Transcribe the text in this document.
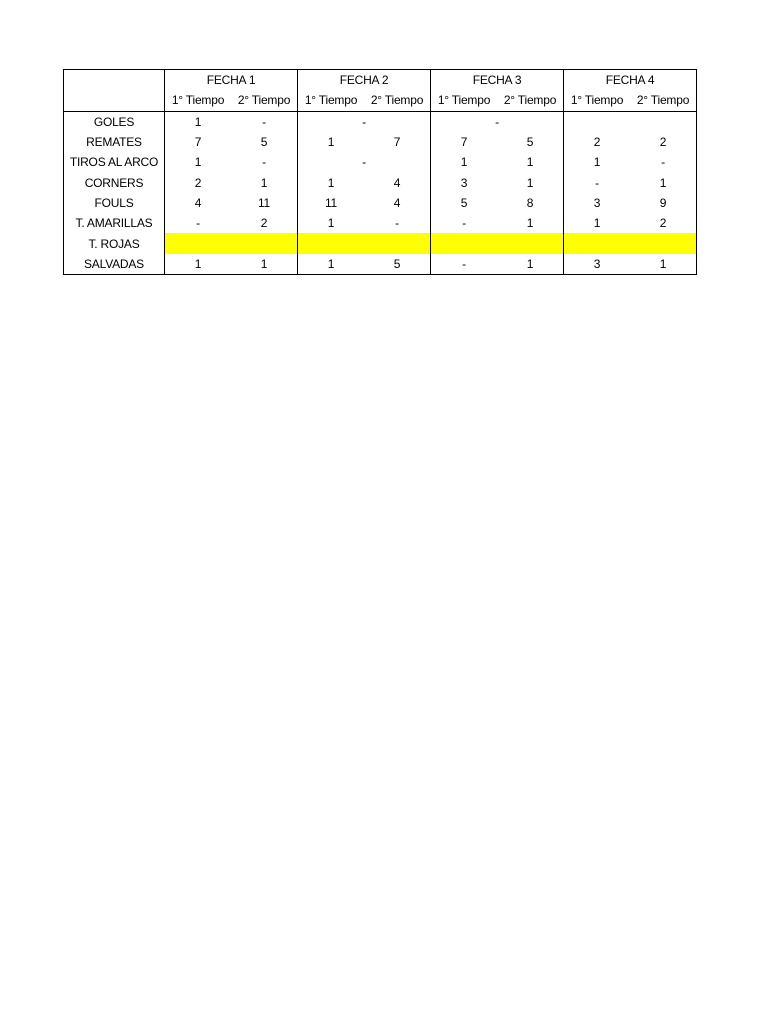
	FECHA 1		FECHA 2		FECHA 3		FECHA 4	
	1° Tiempo	2° Tiempo	1° Tiempo	2° Tiempo	1° Tiempo	2° Tiempo	1° Tiempo	2° Tiempo
GOLES	1	-	-		-			
REMATES	7	5	1	7	7	5	2	2
TIROS AL ARCO	1	-	-		1	1	1	-
CORNERS	2	1	1	4	3	1	-	1
FOULS	4	11	11	4	5	8	3	9
T. AMARILLAS	-	2	1	-	-	1	1	2
T. ROJAS								
SALVADAS	1	1	1	5	-	1	3	1
